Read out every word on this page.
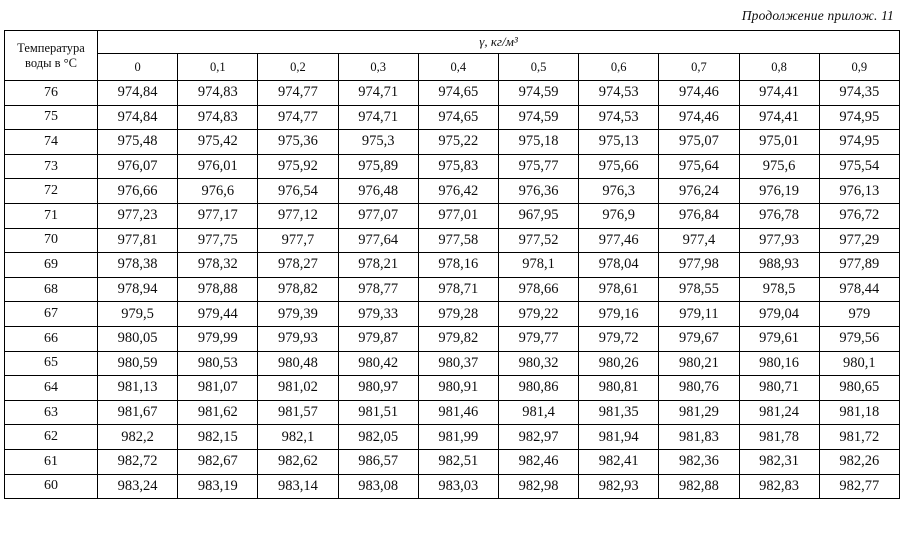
Продолжение прилож. 11
Температура воды в °C	γ, кг/м³									
	0	0,1	0,2	0,3	0,4	0,5	0,6	0,7	0,8	0,9
76	974,84	974,83	974,77	974,71	974,65	974,59	974,53	974,46	974,41	974,35
75	974,84	974,83	974,77	974,71	974,65	974,59	974,53	974,46	974,41	974,95
74	975,48	975,42	975,36	975,3	975,22	975,18	975,13	975,07	975,01	974,95
73	976,07	976,01	975,92	975,89	975,83	975,77	975,66	975,64	975,6	975,54
72	976,66	976,6	976,54	976,48	976,42	976,36	976,3	976,24	976,19	976,13
71	977,23	977,17	977,12	977,07	977,01	967,95	976,9	976,84	976,78	976,72
70	977,81	977,75	977,7	977,64	977,58	977,52	977,46	977,4	977,93	977,29
69	978,38	978,32	978,27	978,21	978,16	978,1	978,04	977,98	988,93	977,89
68	978,94	978,88	978,82	978,77	978,71	978,66	978,61	978,55	978,5	978,44
67	979,5	979,44	979,39	979,33	979,28	979,22	979,16	979,11	979,04	979
66	980,05	979,99	979,93	979,87	979,82	979,77	979,72	979,67	979,61	979,56
65	980,59	980,53	980,48	980,42	980,37	980,32	980,26	980,21	980,16	980,1
64	981,13	981,07	981,02	980,97	980,91	980,86	980,81	980,76	980,71	980,65
63	981,67	981,62	981,57	981,51	981,46	981,4	981,35	981,29	981,24	981,18
62	982,2	982,15	982,1	982,05	981,99	982,97	981,94	981,83	981,78	981,72
61	982,72	982,67	982,62	986,57	982,51	982,46	982,41	982,36	982,31	982,26
60	983,24	983,19	983,14	983,08	983,03	982,98	982,93	982,88	982,83	982,77
